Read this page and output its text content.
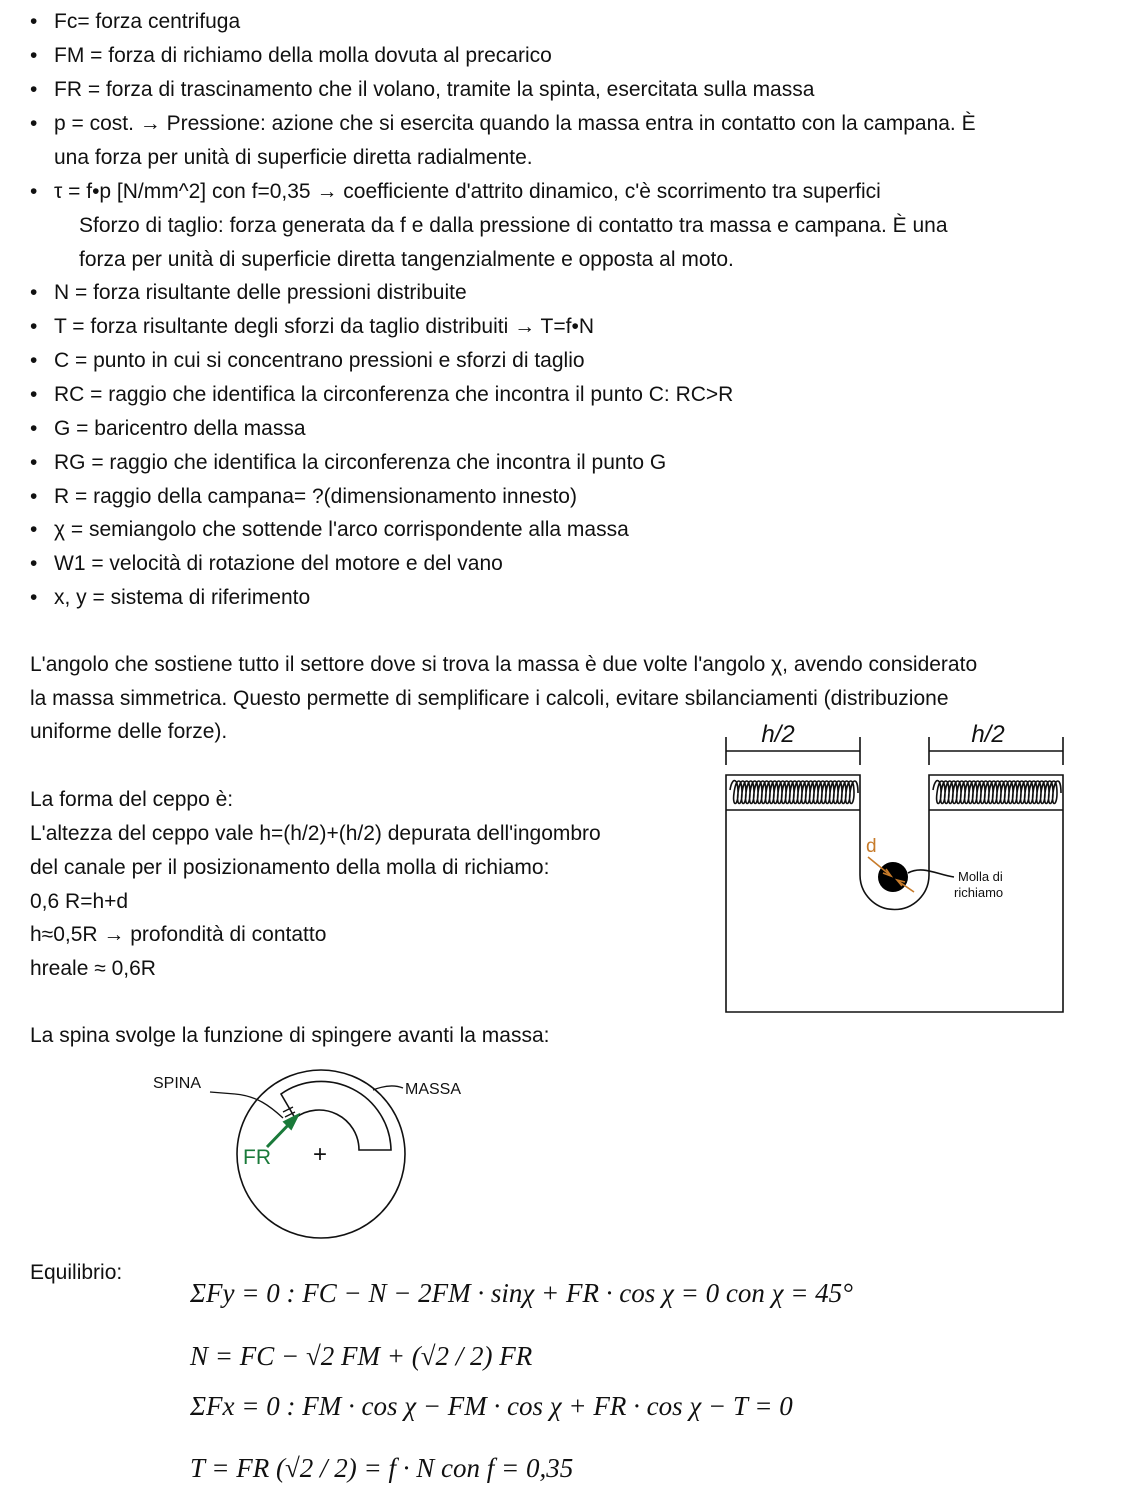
• Fc= forza centrifuga
• FM = forza di richiamo della molla dovuta al precarico
• FR = forza di trascinamento che il volano, tramite la spinta, esercitata sulla massa
• p = cost. → Pressione: azione che si esercita quando la massa entra in contatto con la campana. È
una forza per unità di superficie diretta radialmente.
• τ = f•p [N/mm^2] con f=0,35 → coefficiente d'attrito dinamico, c'è scorrimento tra superfici
Sforzo di taglio: forza generata da f e dalla pressione di contatto tra massa e campana. È una
forza per unità di superficie diretta tangenzialmente e opposta al moto.
• N = forza risultante delle pressioni distribuite
• T = forza risultante degli sforzi da taglio distribuiti → T=f•N
• C = punto in cui si concentrano pressioni e sforzi di taglio
• RC = raggio che identifica la circonferenza che incontra il punto C: RC>R
• G = baricentro della massa
• RG = raggio che identifica la circonferenza che incontra il punto G
• R = raggio della campana= ?(dimensionamento innesto)
• χ = semiangolo che sottende l'arco corrispondente alla massa
• W1 = velocità di rotazione del motore e del vano
• x, y = sistema di riferimento
L'angolo che sostiene tutto il settore dove si trova la massa è due volte l'angolo χ, avendo considerato
la massa simmetrica. Questo permette di semplificare i calcoli, evitare sbilanciamenti (distribuzione
uniforme delle forze).
La forma del ceppo è:
L'altezza del ceppo vale h=(h/2)+(h/2) depurata dell'ingombro
del canale per il posizionamento della molla di richiamo:
0,6 R=h+d
h≈0,5R → profondità di contatto
hreale ≈ 0,6R
d
h/2	h/2
Molla di
richiamo
La spina svolge la funzione di spingere avanti la massa:
SPINA	MASSA
FR +
Equilibrio:
ΣFy = 0 : FC − N − 2FM · sinχ + FR · cos χ = 0 con χ = 45°
N = FC − √2 FM + (√2 / 2) FR
ΣFx = 0 : FM · cos χ − FM · cos χ + FR · cos χ − T = 0
T = FR (√2 / 2) = f · N con f = 0,35
